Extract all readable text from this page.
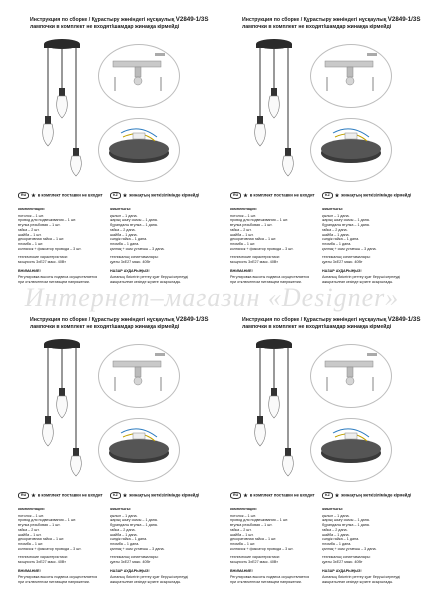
Инструкция по сборке / Құрастыру жөніндегі нұсқаулық V2849-1/3S
лампочки в комплект не входят/шамдар жинаққа кірмейді
RU ★ в комплект поставки не входит	KZ ★ жинақтың жеткізілімінде кірмейді
комплектация:
потолок – 1 шт.
провод для подвешивания – 1 шт.
втулка резьбовая – 1 шт.
гайка – 2 шт.
шайба – 1 шт.
декоративная гайка – 1 шт.
пломба – 1 шт.
колпачок + фиксатор провода – 3 шт.
технические характеристики:
мощность 3xE27 макс. 40Вт
ВНИМАНИЕ!
Регулировка высоты подвеса осуществляется
при отключенном питающем напряжении.
жиынтығы:
қылып – 1 дана.
жарық шығу сымы – 1 дана.
бұрандалы втулка – 1 дана.
гайка – 2 дана.
шайба – 1 дана.
сәндік гайка – 1 дана.
пломба – 1 дана.
қалпақ + сым ұстағыш – 3 дана.
техникалық сипаттамалары:
қуаты 3xE27 макс. 40Вт
НАЗАР АУДАРЫҢЫЗ!
Аспаның биіктігін реттеу қуат беруші кернеуді
ажыратылған кезінде жүзеге асырылады.
Инструкция по сборке / Құрастыру жөніндегі нұсқаулық V2849-1/3S
лампочки в комплект не входят/шамдар жинаққа кірмейді
RU ★ в комплект поставки не входит	KZ ★ жинақтың жеткізілімінде кірмейді
комплектация:
потолок – 1 шт.
провод для подвешивания – 1 шт.
втулка резьбовая – 1 шт.
гайка – 2 шт.
шайба – 1 шт.
декоративная гайка – 1 шт.
пломба – 1 шт.
колпачок + фиксатор провода – 3 шт.
технические характеристики:
мощность 3xE27 макс. 40Вт
ВНИМАНИЕ!
Регулировка высоты подвеса осуществляется
при отключенном питающем напряжении.
жиынтығы:
қылып – 1 дана.
жарық шығу сымы – 1 дана.
бұрандалы втулка – 1 дана.
гайка – 2 дана.
шайба – 1 дана.
сәндік гайка – 1 дана.
пломба – 1 дана.
қалпақ + сым ұстағыш – 3 дана.
техникалық сипаттамалары:
қуаты 3xE27 макс. 40Вт
НАЗАР АУДАРЫҢЫЗ!
Аспаның биіктігін реттеу қуат беруші кернеуді
ажыратылған кезінде жүзеге асырылады.
Инструкция по сборке / Құрастыру жөніндегі нұсқаулық V2849-1/3S
лампочки в комплект не входят/шамдар жинаққа кірмейді
RU ★ в комплект поставки не входит	KZ ★ жинақтың жеткізілімінде кірмейді
комплектация:
потолок – 1 шт.
провод для подвешивания – 1 шт.
втулка резьбовая – 1 шт.
гайка – 2 шт.
шайба – 1 шт.
декоративная гайка – 1 шт.
пломба – 1 шт.
колпачок + фиксатор провода – 3 шт.
технические характеристики:
мощность 3xE27 макс. 40Вт
ВНИМАНИЕ!
Регулировка высоты подвеса осуществляется
при отключенном питающем напряжении.
жиынтығы:
қылып – 1 дана.
жарық шығу сымы – 1 дана.
бұрандалы втулка – 1 дана.
гайка – 2 дана.
шайба – 1 дана.
сәндік гайка – 1 дана.
пломба – 1 дана.
қалпақ + сым ұстағыш – 3 дана.
техникалық сипаттамалары:
қуаты 3xE27 макс. 40Вт
НАЗАР АУДАРЫҢЫЗ!
Аспаның биіктігін реттеу қуат беруші кернеуді
ажыратылған кезінде жүзеге асырылады.
Инструкция по сборке / Құрастыру жөніндегі нұсқаулық V2849-1/3S
лампочки в комплект не входят/шамдар жинаққа кірмейді
RU ★ в комплект поставки не входит	KZ ★ жинақтың жеткізілімінде кірмейді
комплектация:
потолок – 1 шт.
провод для подвешивания – 1 шт.
втулка резьбовая – 1 шт.
гайка – 2 шт.
шайба – 1 шт.
декоративная гайка – 1 шт.
пломба – 1 шт.
колпачок + фиксатор провода – 3 шт.
технические характеристики:
мощность 3xE27 макс. 40Вт
ВНИМАНИЕ!
Регулировка высоты подвеса осуществляется
при отключенном питающем напряжении.
жиынтығы:
қылып – 1 дана.
жарық шығу сымы – 1 дана.
бұрандалы втулка – 1 дана.
гайка – 2 дана.
шайба – 1 дана.
сәндік гайка – 1 дана.
пломба – 1 дана.
қалпақ + сым ұстағыш – 3 дана.
техникалық сипаттамалары:
қуаты 3xE27 макс. 40Вт
НАЗАР АУДАРЫҢЫЗ!
Аспаның биіктігін реттеу қуат беруші кернеуді
ажыратылған кезінде жүзеге асырылады.
Интернет–магазин «Designer»
